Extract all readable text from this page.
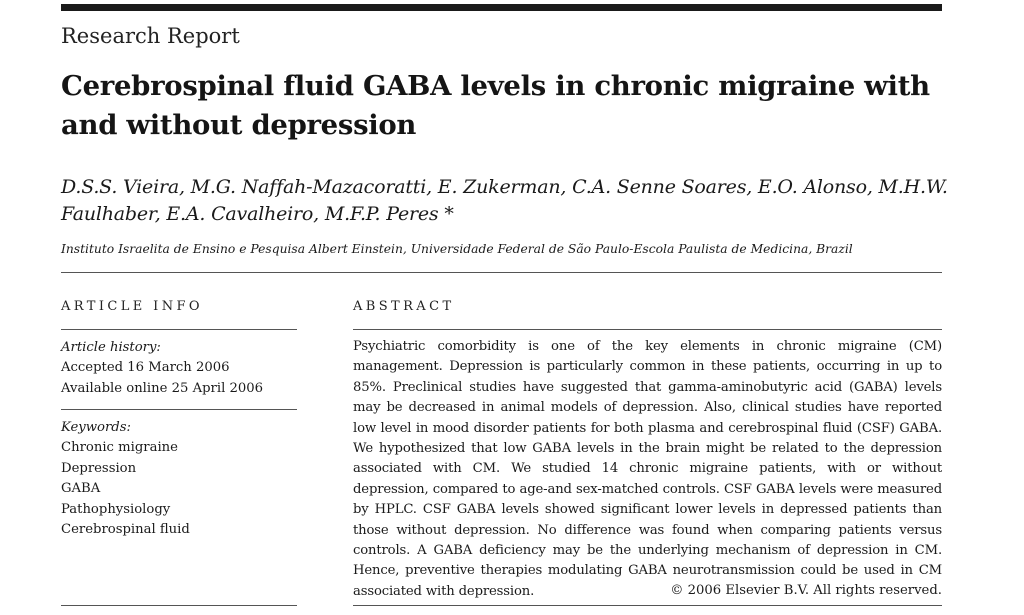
Research Report
Cerebrospinal fluid GABA levels in chronic migraine with and without depression
D.S.S. Vieira, M.G. Naffah-Mazacoratti, E. Zukerman, C.A. Senne Soares, E.O. Alonso, M.H.W. Faulhaber, E.A. Cavalheiro, M.F.P. Peres *
Instituto Israelita de Ensino e Pesquisa Albert Einstein, Universidade Federal de São Paulo-Escola Paulista de Medicina, Brazil
ARTICLE INFO
Article history:
Accepted 16 March 2006
Available online 25 April 2006
Keywords:
Chronic migraine
Depression
GABA
Pathophysiology
Cerebrospinal fluid
ABSTRACT

Psychiatric comorbidity is one of the key elements in chronic migraine (CM) management. Depression is particularly common in these patients, occurring in up to 85%. Preclinical studies have suggested that gamma-aminobutyric acid (GABA) levels may be decreased in animal models of depression. Also, clinical studies have reported low level in mood disorder patients for both plasma and cerebrospinal fluid (CSF) GABA. We hypothesized that low GABA levels in the brain might be related to the depression associated with CM. We studied 14 chronic migraine patients, with or without depression, compared to age-and sex-matched controls. CSF GABA levels were measured by HPLC. CSF GABA levels showed significant lower levels in depressed patients than those without depression. No difference was found when comparing patients versus controls. A GABA deficiency may be the underlying mechanism of depression in CM. Hence, preventive therapies modulating GABA neurotransmission could be used in CM associated with depression.	© 2006 Elsevier B.V. All rights reserved.
